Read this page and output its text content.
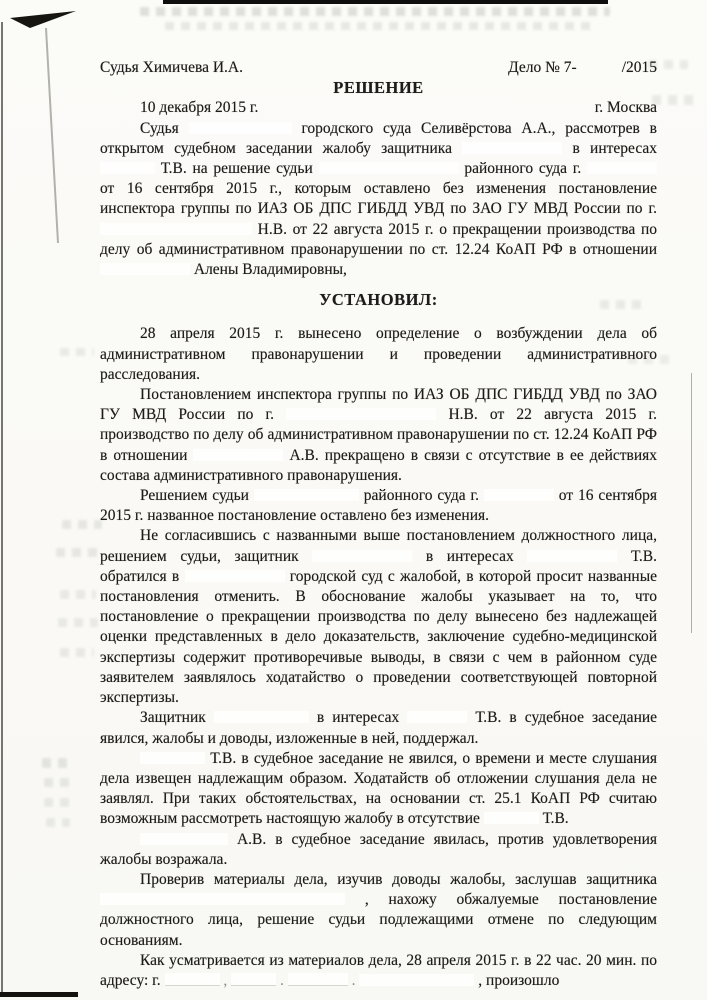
Судья Химичева И.А.	Дело № 7-	/2015
РЕШЕНИЕ
10 декабря 2015 г.	г. Москва

Судья	городского суда Селивёрстова А.А., рассмотрев в открытом судебном заседании жалобу защитника	в интересах  Т.В. на решение судьи	районного суда г.  от 16 сентября 2015 г., которым оставлено без изменения постановление инспектора группы по ИАЗ ОБ ДПС ГИБДД УВД по ЗАО ГУ МВД России по г.  Н.В. от 22 августа 2015 г. о прекращении производства по делу об административном правонарушении по ст. 12.24 КоАП РФ в отношении  Алены Владимировны,

УСТАНОВИЛ:

28 апреля 2015 г. вынесено определение о возбуждении дела об административном правонарушении и проведении административного расследования.

Постановлением инспектора группы по ИАЗ ОБ ДПС ГИБДД УВД по ЗАО ГУ МВД России по г.	Н.В. от 22 августа 2015 г. производство по делу об административном правонарушении по ст. 12.24 КоАП РФ в отношении	А.В. прекращено в связи с отсутствие в ее действиях состава административного правонарушения.

Решением судьи	районного суда г.	от 16 сентября 2015 г. названное постановление оставлено без изменения.

Не согласившись с названными выше постановлением должностного лица, решением судьи, защитник	в интересах	Т.В. обратился в	городской суд с жалобой, в которой просит названные постановления отменить. В обоснование жалобы указывает на то, что постановление о прекращении производства по делу вынесено без надлежащей оценки представленных в дело доказательств, заключение судебно-медицинской экспертизы содержит противоречивые выводы, в связи с чем в районном суде заявителем заявлялось ходатайство о проведении соответствующей повторной экспертизы.

Защитник	в интересах	Т.В. в судебное заседание явился, жалобы и доводы, изложенные в ней, поддержал.

Т.В. в судебное заседание не явился, о времени и месте слушания дела извещен надлежащим образом. Ходатайств об отложении слушания дела не заявлял. При таких обстоятельствах, на основании ст. 25.1 КоАП РФ считаю возможным рассмотреть настоящую жалобу в отсутствие	Т.В.

А.В. в судебное заседание явилась, против удовлетворения жалобы возражала.

Проверив материалы дела, изучив доводы жалобы, заслушав защитника  , нахожу обжалуемые постановление должностного лица, решение судьи подлежащими отмене по следующим основаниям.

Как усматривается из материалов дела, 28 апреля 2015 г. в 22 час. 20 мин. по адресу: г.	,	.	.	, произошло
